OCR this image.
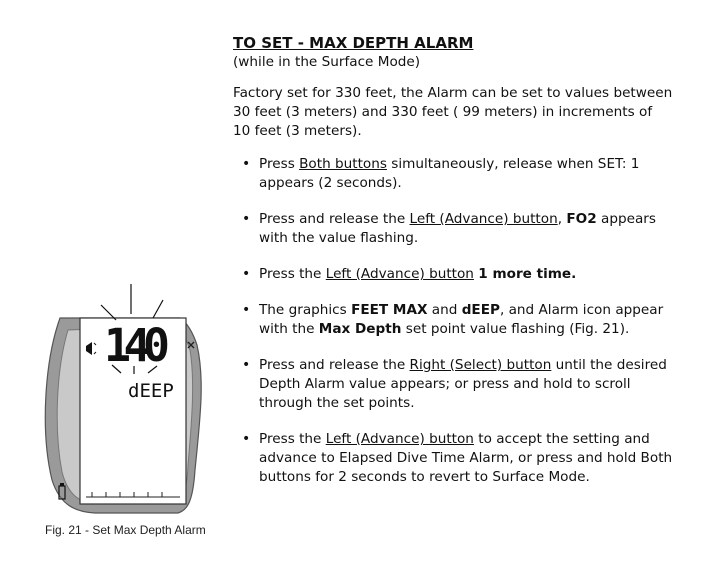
140
dEEP
Fig. 21 - Set Max Depth Alarm

TO SET - MAX DEPTH ALARM

(while in the Surface Mode)

Factory set for 330 feet, the Alarm can be set to values between 30 feet (3 meters) and 330 feet ( 99 meters) in increments of 10 feet (3 meters).

• Press Both buttons simultaneously, release when SET: 1 appears (2 seconds).
• Press and release the Left (Advance) button, FO2 appears with the value flashing.
• Press the Left (Advance) button 1 more time.
• The graphics FEET MAX and dEEP, and Alarm icon appear with the Max Depth set point value flashing (Fig. 21).
• Press and release the Right (Select) button until the desired Depth Alarm value appears; or press and hold to scroll through the set points.
• Press the Left (Advance) button to accept the setting and advance to Elapsed Dive Time Alarm, or press and hold Both buttons for 2 seconds to revert to Surface Mode.
